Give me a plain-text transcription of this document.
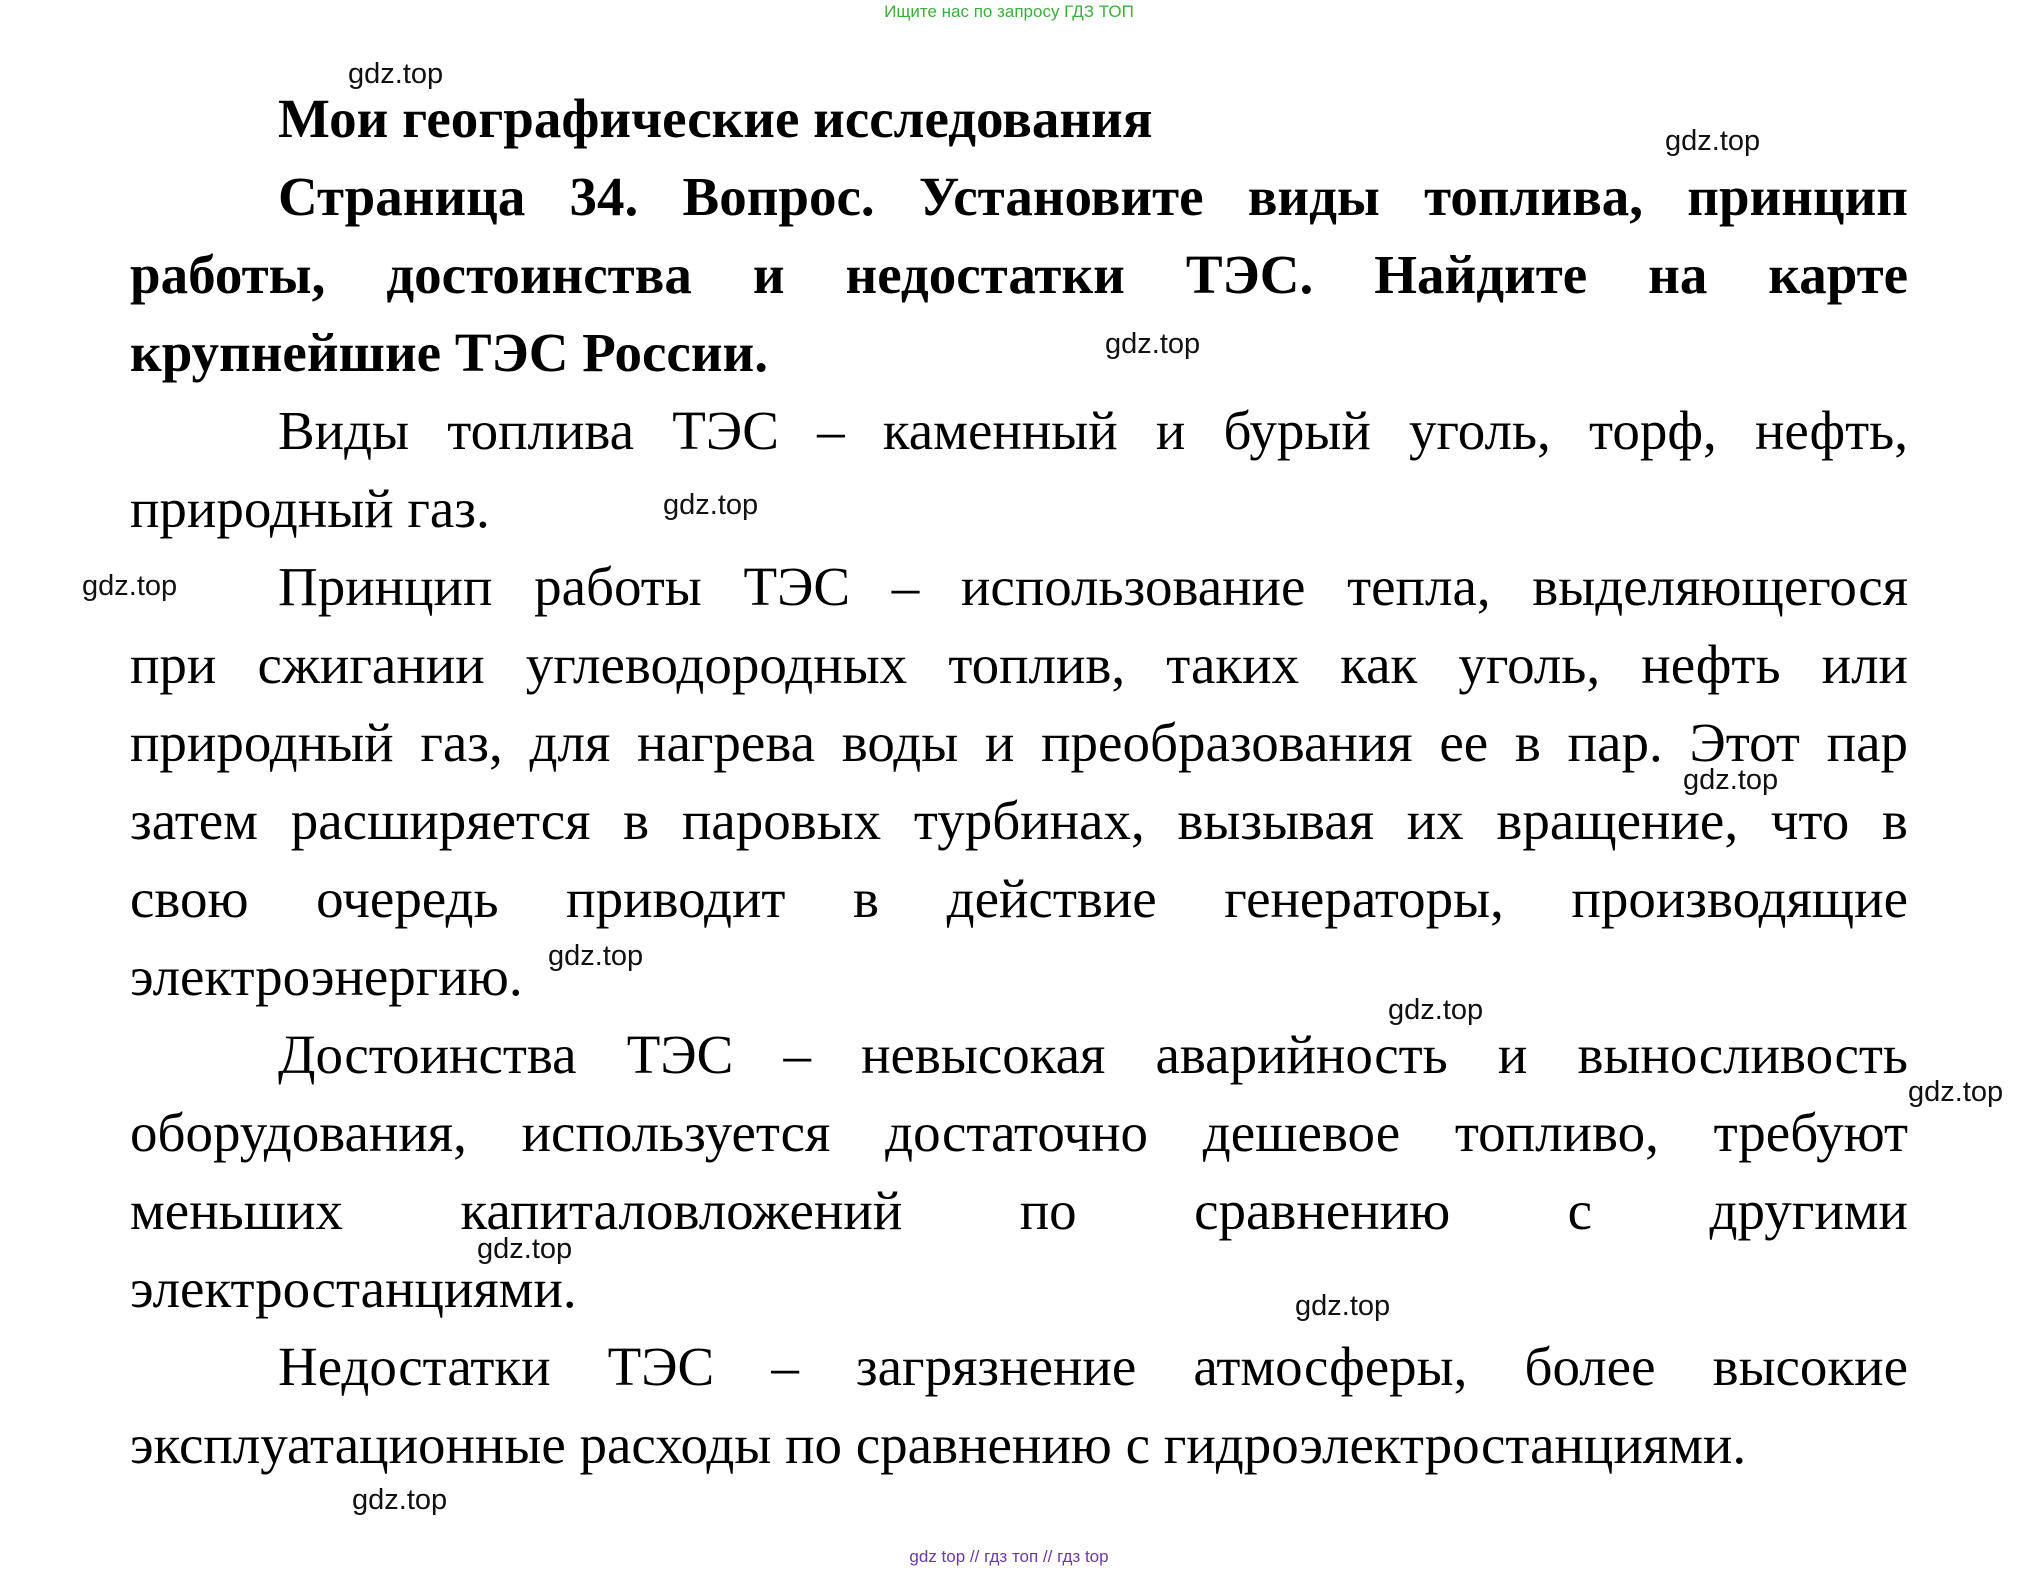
Ищите нас по запросу ГДЗ ТОП
Мои географические исследования
Страница 34. Вопрос. Установите виды топлива, принцип
работы, достоинства и недостатки ТЭС. Найдите на карте
крупнейшие ТЭС России.
Виды топлива ТЭС – каменный и бурый уголь, торф, нефть,
природный газ.
Принцип работы ТЭС – использование тепла, выделяющегося
при сжигании углеводородных топлив, таких как уголь, нефть или
природный газ, для нагрева воды и преобразования ее в пар. Этот пар
затем расширяется в паровых турбинах, вызывая их вращение, что в
свою очередь приводит в действие генераторы, производящие
электроэнергию.
Достоинства ТЭС – невысокая аварийность и выносливость
оборудования, используется достаточно дешевое топливо, требуют
меньших капиталовложений по сравнению с другими
электростанциями.
Недостатки ТЭС – загрязнение атмосферы, более высокие
эксплуатационные расходы по сравнению с гидроэлектростанциями.
gdz.top
gdz.top
gdz.top
gdz.top
gdz.top
gdz.top
gdz.top
gdz.top
gdz.top
gdz.top
gdz.top
gdz.top
gdz top // гдз топ // гдз top
